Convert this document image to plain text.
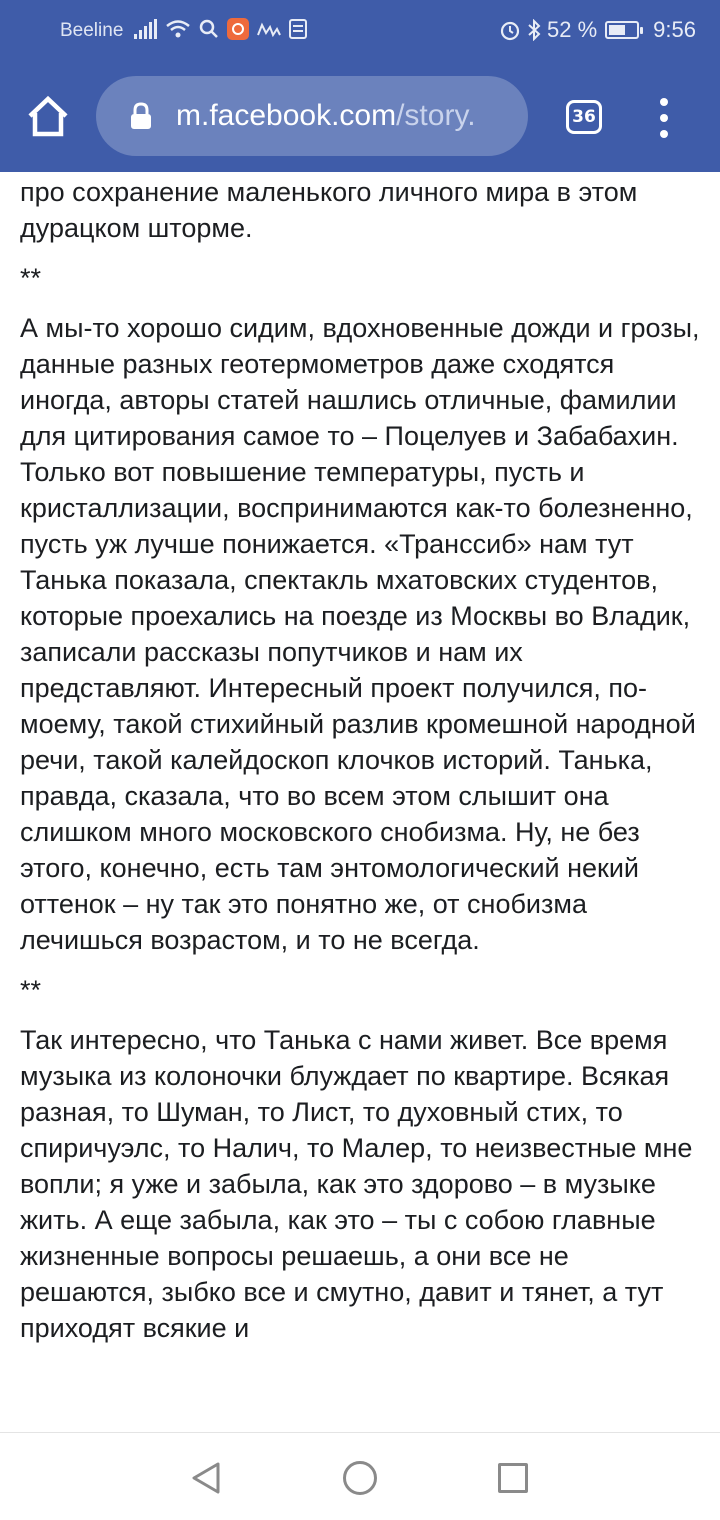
Beeline	52 %	9:56
m.facebook.com/story.	36

про сохранение маленького личного мира в этом дурацком шторме.

**

А мы-то хорошо сидим, вдохновенные дожди и грозы, данные разных геотермометров даже сходятся иногда, авторы статей нашлись отличные, фамилии для цитирования самое то – Поцелуев и Забабахин. Только вот повышение температуры, пусть и кристаллизации, воспринимаются как-то болезненно, пусть уж лучше понижается. «Транссиб» нам тут Танька показала, спектакль мхатовских студентов, которые проехались на поезде из Москвы во Владик, записали рассказы попутчиков и нам их представляют. Интересный проект получился, по-моему, такой стихийный разлив кромешной народной речи, такой калейдоскоп клочков историй. Танька, правда, сказала, что во всем этом слышит она слишком много московского снобизма. Ну, не без этого, конечно, есть там энтомологический некий оттенок – ну так это понятно же, от снобизма лечишься возрастом, и то не всегда.

**

Так интересно, что Танька с нами живет. Все время музыка из колоночки блуждает по квартире. Всякая разная, то Шуман, то Лист, то духовный стих, то спиричуэлс, то Налич, то Малер, то неизвестные мне вопли; я уже и забыла, как это здорово – в музыке жить. А еще забыла, как это – ты с собою главные жизненные вопросы решаешь, а они все не решаются, зыбко все и смутно, давит и тянет, а тут приходят всякие и
